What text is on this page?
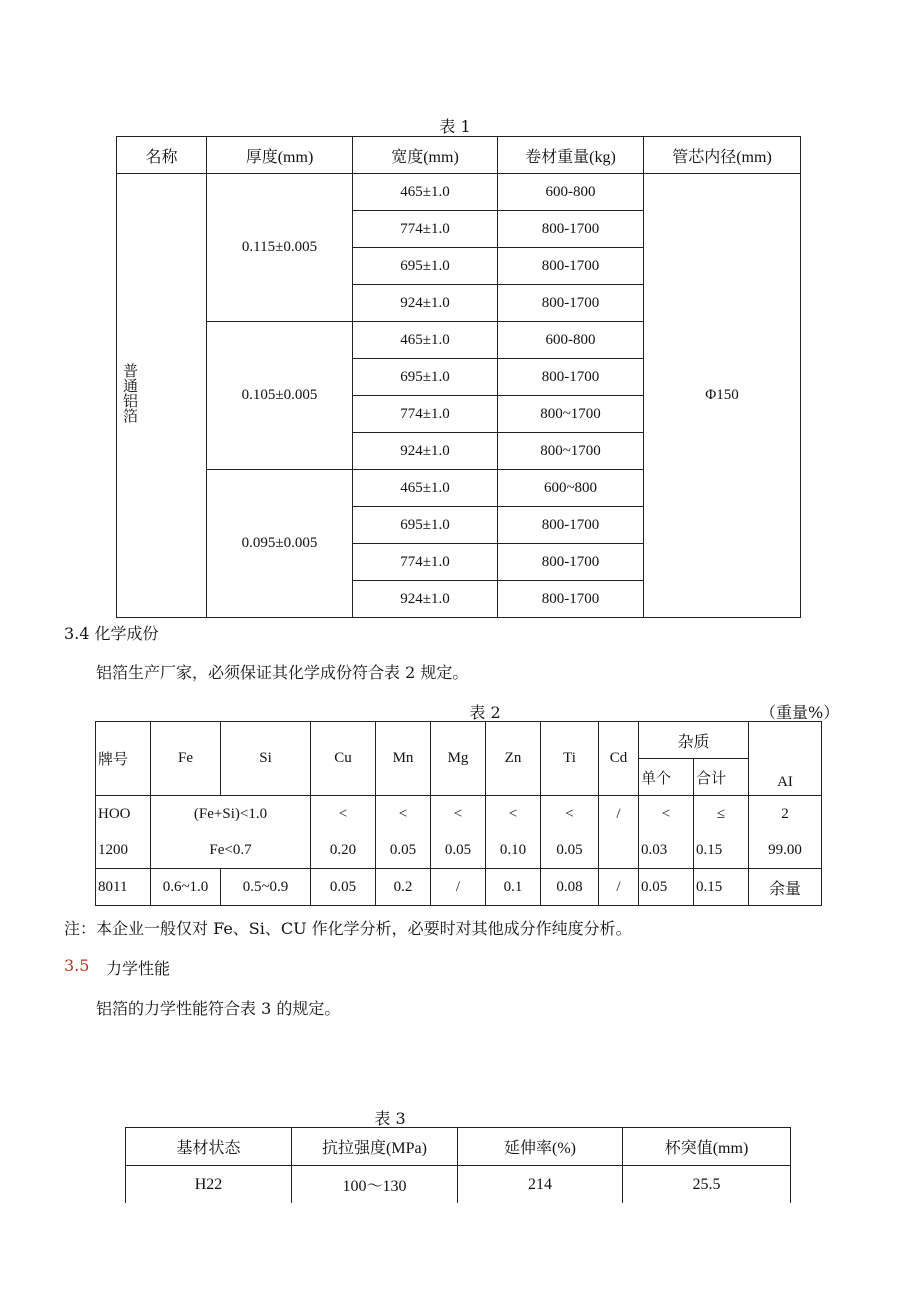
表 1
名称	厚度(mm)	宽度(mm)	卷材重量(kg)	管芯内径(mm)
普通铝箔	0.115±0.005	465±1.0	600-800	Φ150
		774±1.0	800-1700	
		695±1.0	800-1700	
		924±1.0	800-1700	
	0.105±0.005	465±1.0	600-800	
		695±1.0	800-1700	
		774±1.0	800~1700	
		924±1.0	800~1700	
	0.095±0.005	465±1.0	600~800	
		695±1.0	800-1700	
		774±1.0	800-1700	
		924±1.0	800-1700	
3.4 化学成份
铝箔生产厂家，必须保证其化学成份符合表 2 规定。
表 2	（重量%）
牌号	Fe	Si	Cu	Mn	Mg	Zn	Ti	Cd	杂质		AI
									单个	合计	
HOO	(Fe+Si)<1.0		<	<	<	<	<	/	<	≤	2
1200	Fe<0.7		0.20	0.05	0.05	0.10	0.05		0.03	0.15	99.00
8011	0.6~1.0	0.5~0.9	0.05	0.2	/	0.1	0.08	/	0.05	0.15	余量
注：本企业一般仅对 Fe、Si、CU 作化学分析，必要时对其他成分作纯度分析。
3.5 力学性能
铝箔的力学性能符合表 3 的规定。
表 3
基材状态	抗拉强度(MPa)	延伸率(%)	杯突值(mm)
H22	100～130	214	25.5
